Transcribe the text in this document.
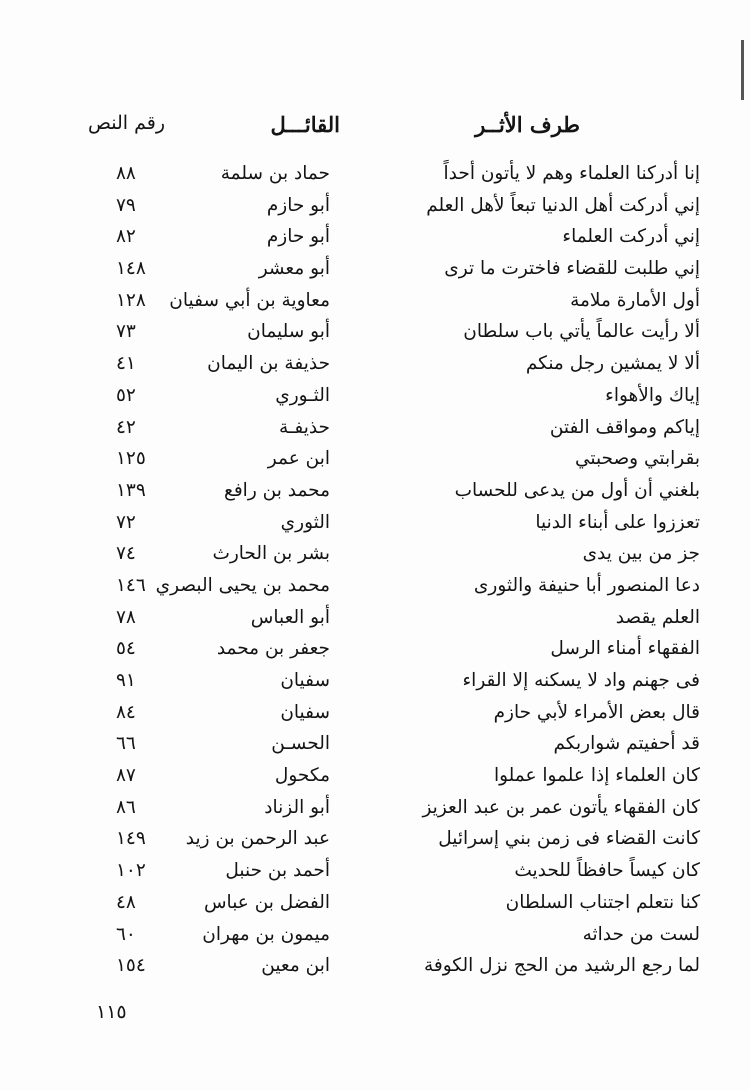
طرف الأثــر
القائـــل
رقم النص
إنا أدركنا العلماء وهم لا يأتون أحداً
حماد بن سلمة
٨٨
إني أدركت أهل الدنيا تبعاً لأهل العلم
أبو حازم
٧٩
إني أدركت العلماء
أبو حازم
٨٢
إني طلبت للقضاء فاخترت ما ترى
أبو معشر
١٤٨
أول الأمارة ملامة
معاوية بن أبي سفيان
١٢٨
ألا رأيت عالماً يأتي باب سلطان
أبو سليمان
٧٣
ألا لا يمشين رجل منكم
حذيفة بن اليمان
٤١
إياك والأهواء
الثـوري
٥٢
إياكم ومواقف الفتن
حذيفـة
٤٢
بقرابتي وصحبتي
ابن عمر
١٢٥
بلغني أن أول من يدعى للحساب
محمد بن رافع
١٣٩
تعززوا على أبناء الدنيا
الثوري
٧٢
جز من بين يدى
بشر بن الحارث
٧٤
دعا المنصور أبا حنيفة والثورى
محمد بن يحيى البصري
١٤٦
العلم يقصد
أبو العباس
٧٨
الفقهاء أمناء الرسل
جعفر بن محمد
٥٤
فى جهنم واد لا يسكنه إلا القراء
سفيان
٩١
قال بعض الأمراء لأبي حازم
سفيان
٨٤
قد أحفيتم شواربكم
الحسـن
٦٦
كان العلماء إذا علموا عملوا
مكحول
٨٧
كان الفقهاء يأتون عمر بن عبد العزيز
أبو الزناد
٨٦
كانت القضاء فى زمن بني إسرائيل
عبد الرحمن بن زيد
١٤٩
كان كيساً حافظاً للحديث
أحمد بن حنبل
١٠٢
كنا نتعلم اجتناب السلطان
الفضل بن عباس
٤٨
لست من حداثه
ميمون بن مهران
٦٠
لما رجع الرشيد من الحج نزل الكوفة
ابن معين
١٥٤
١١٥
